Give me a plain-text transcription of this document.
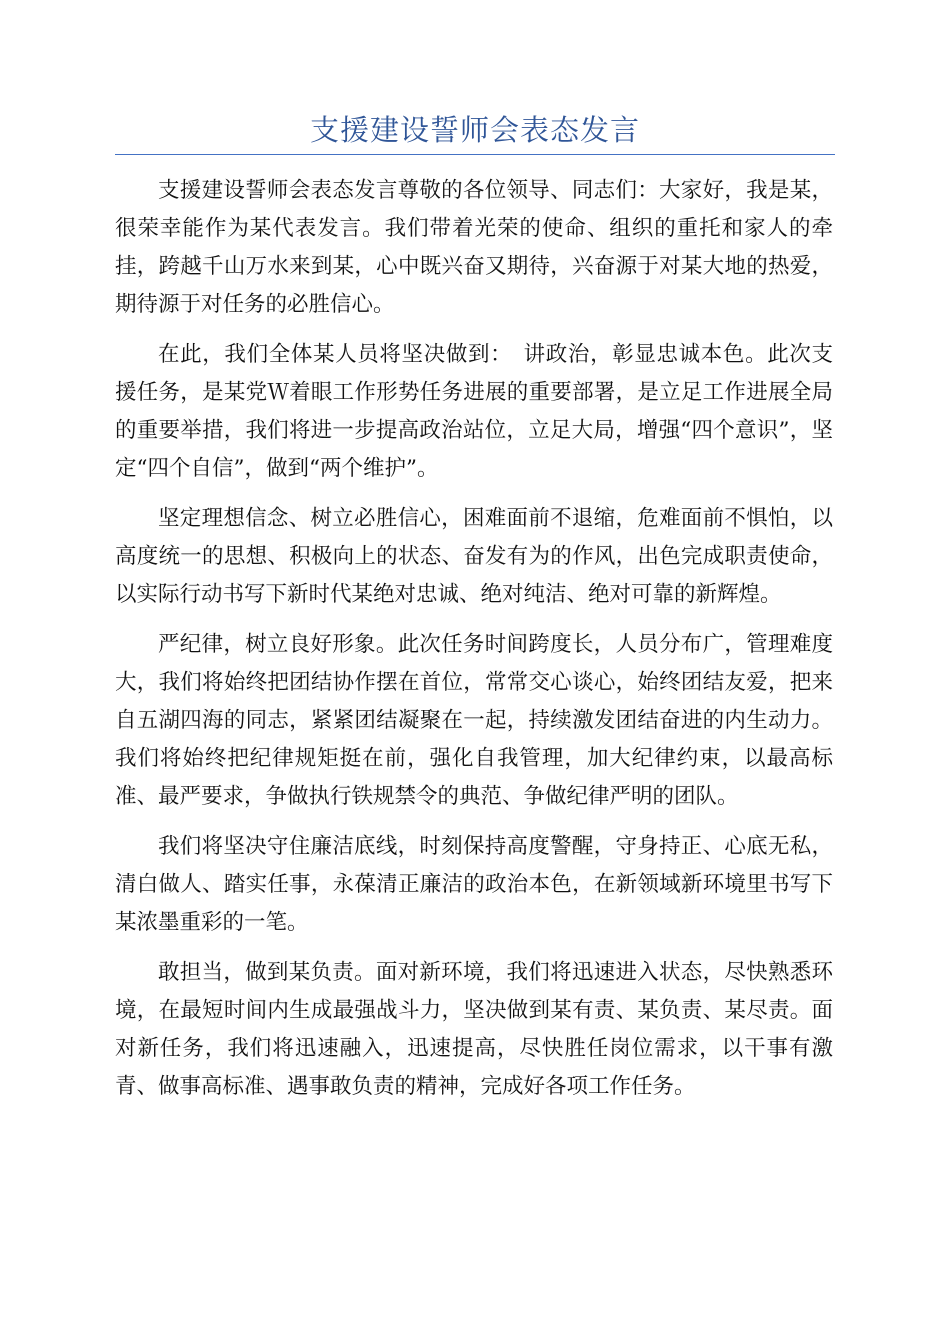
支援建设誓师会表态发言

支援建设誓师会表态发言尊敬的各位领导、同志们：大家好，我是某，很荣幸能作为某代表发言。我们带着光荣的使命、组织的重托和家人的牵挂，跨越千山万水来到某，心中既兴奋又期待，兴奋源于对某大地的热爱，期待源于对任务的必胜信心。

在此，我们全体某人员将坚决做到：　讲政治，彰显忠诚本色。此次支援任务，是某党Ｗ着眼工作形势任务进展的重要部署，是立足工作进展全局的重要举措，我们将进一步提高政治站位，立足大局，增强“四个意识”，坚定“四个自信”，做到“两个维护”。

坚定理想信念、树立必胜信心，困难面前不退缩，危难面前不惧怕，以高度统一的思想、积极向上的状态、奋发有为的作风，出色完成职责使命，以实际行动书写下新时代某绝对忠诚、绝对纯洁、绝对可靠的新辉煌。

严纪律，树立良好形象。此次任务时间跨度长，人员分布广，管理难度大，我们将始终把团结协作摆在首位，常常交心谈心，始终团结友爱，把来自五湖四海的同志，紧紧团结凝聚在一起，持续激发团结奋进的内生动力。我们将始终把纪律规矩挺在前，强化自我管理，加大纪律约束，以最高标准、最严要求，争做执行铁规禁令的典范、争做纪律严明的团队。

我们将坚决守住廉洁底线，时刻保持高度警醒，守身持正、心底无私，清白做人、踏实任事，永葆清正廉洁的政治本色，在新领域新环境里书写下某浓墨重彩的一笔。

敢担当，做到某负责。面对新环境，我们将迅速进入状态，尽快熟悉环境，在最短时间内生成最强战斗力，坚决做到某有责、某负责、某尽责。面对新任务，我们将迅速融入，迅速提高，尽快胜任岗位需求，以干事有激青、做事高标准、遇事敢负责的精神，完成好各项工作任务。
